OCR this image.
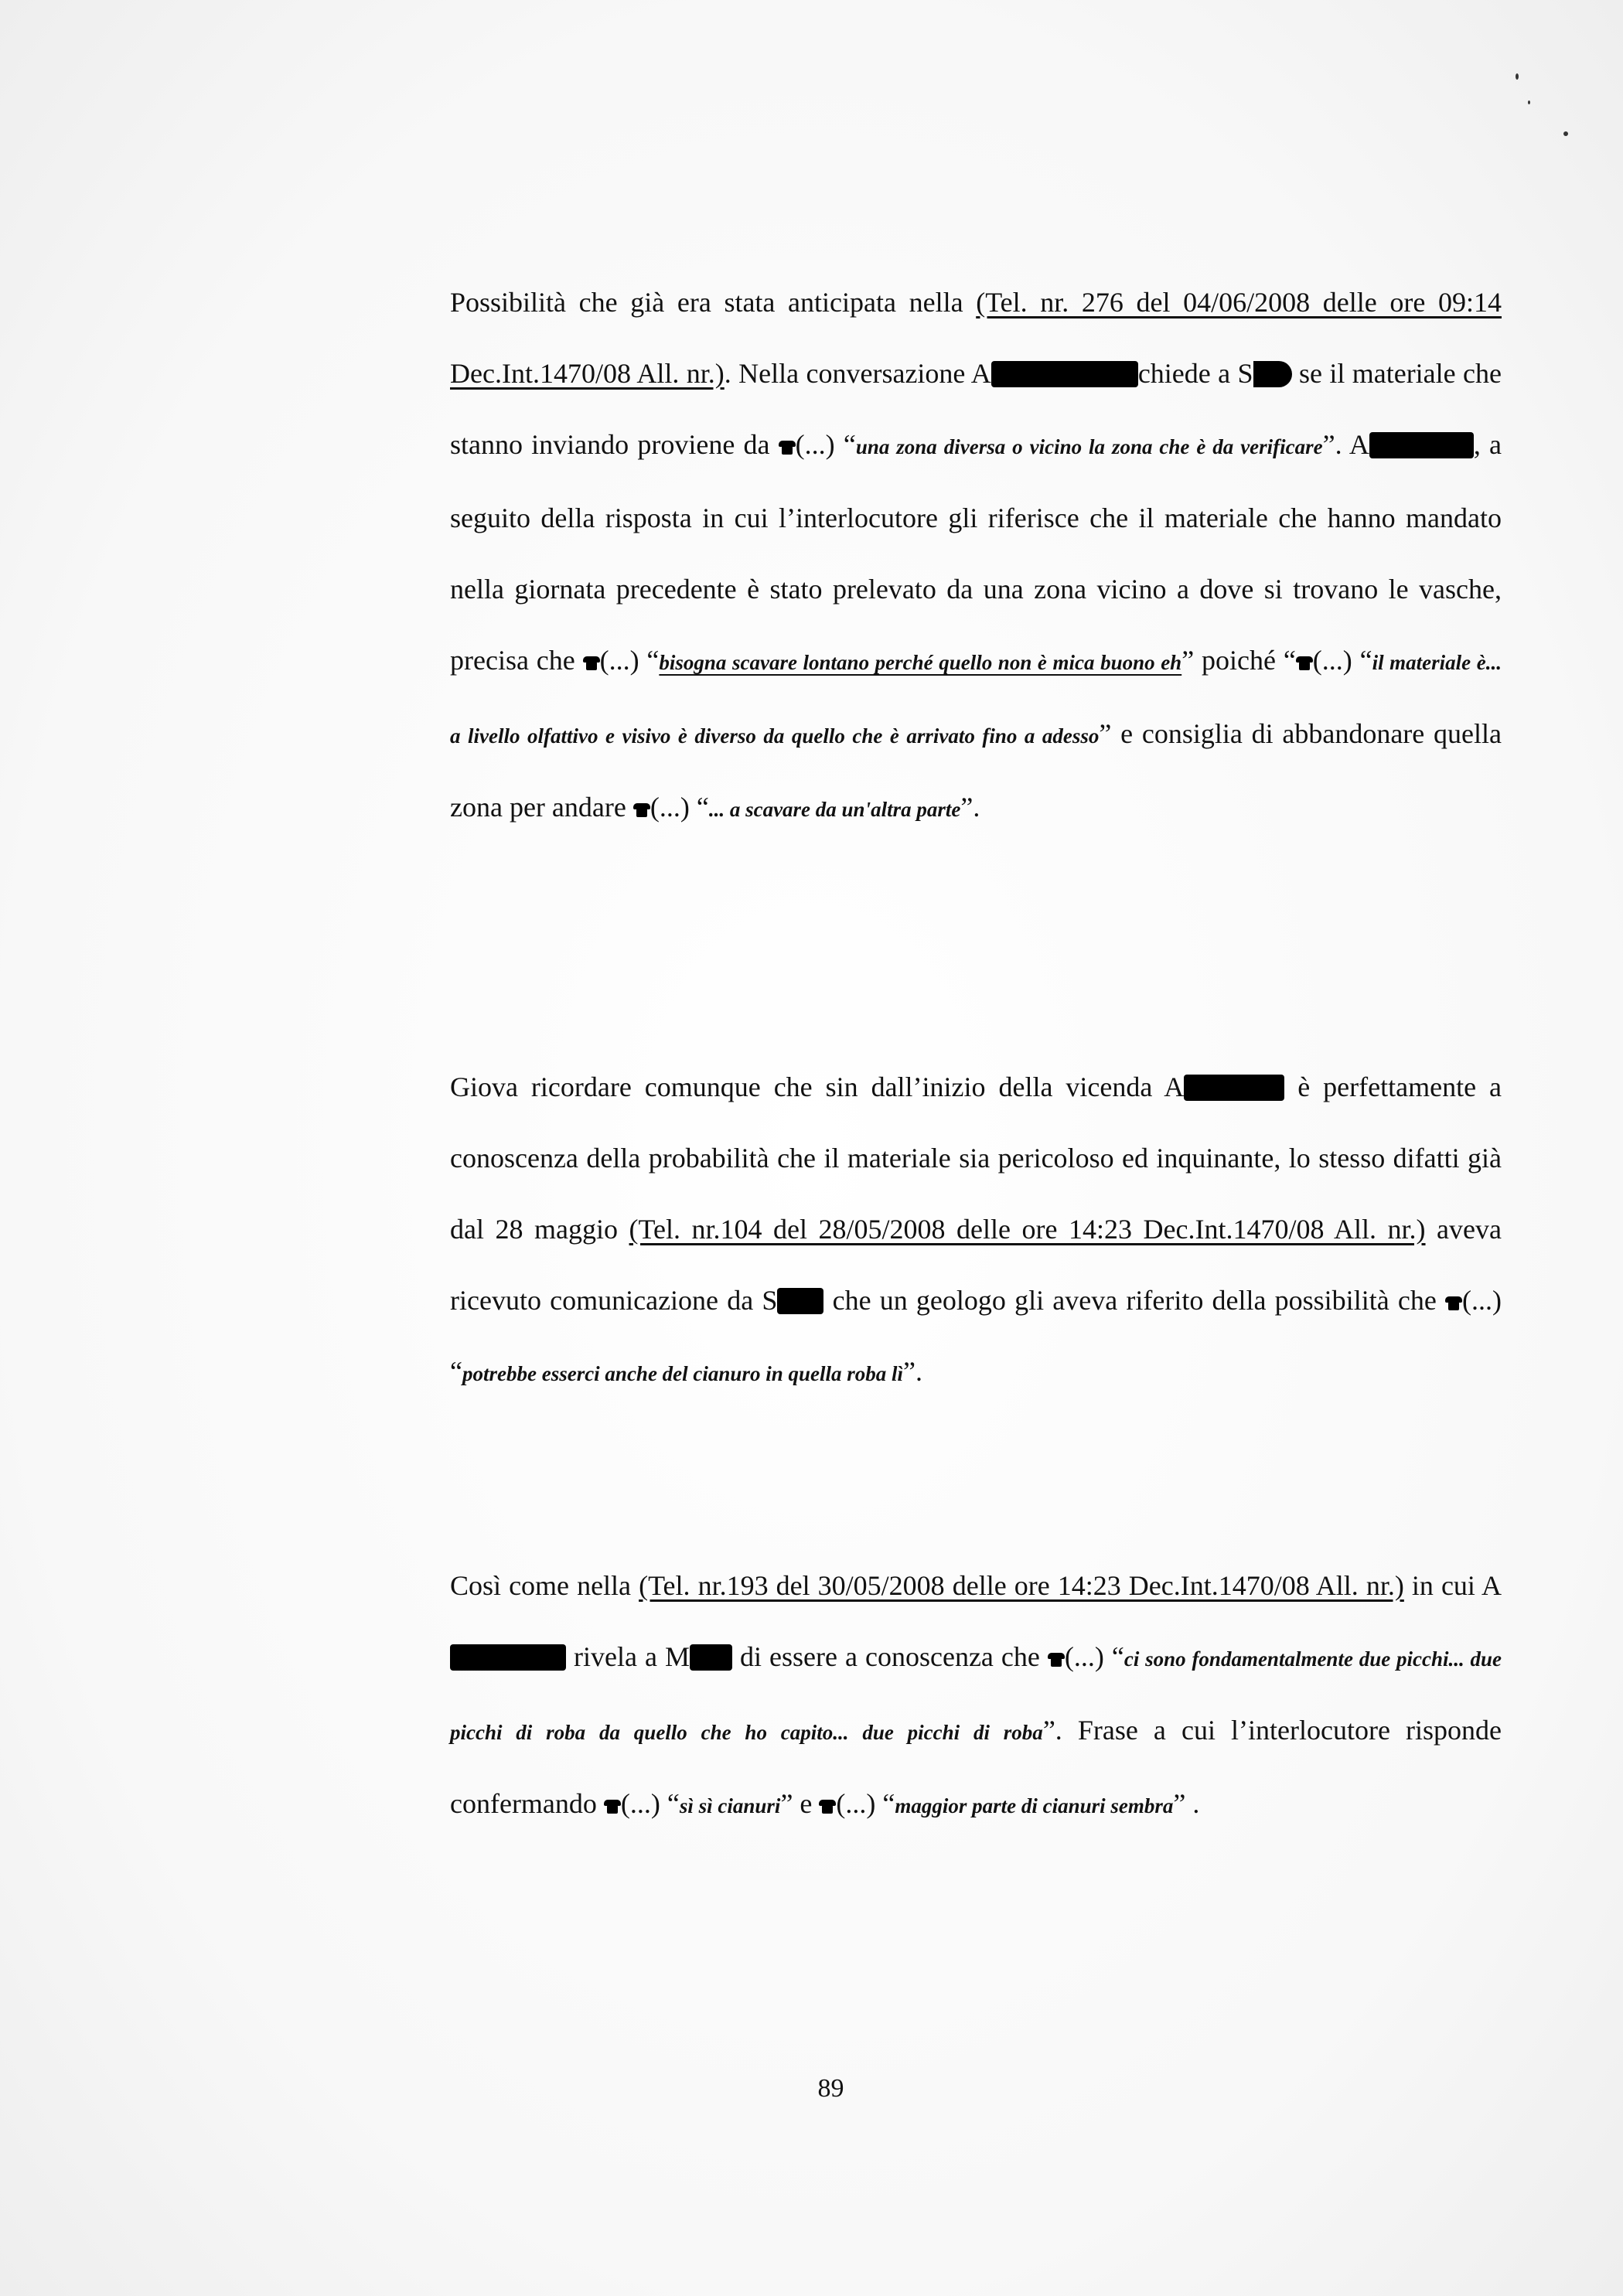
Possibilità che già era stata anticipata nella (Tel. nr. 276 del 04/06/2008 delle ore 09:14 Dec.Int.1470/08 All. nr.). Nella conversazione A	chiede a S se il materiale che stanno inviando proviene da (...) “una zona diversa o vicino la zona che è da verificare”. A	, a seguito della risposta in cui l’interlocutore gli riferisce che il materiale che hanno mandato nella giornata precedente è stato prelevato da una zona vicino a dove si trovano le vasche, precisa che (...) “bisogna scavare lontano perché quello non è mica buono eh” poiché “ (...) “il materiale è... a livello olfattivo e visivo è diverso da quello che è arrivato fino a adesso” e consiglia di abbandonare quella zona per andare (...) “... a scavare da un'altra parte”.
Giova ricordare comunque che sin dall’inizio della vicenda A	è perfettamente a conoscenza della probabilità che il materiale sia pericoloso ed inquinante, lo stesso difatti già dal 28 maggio (Tel. nr.104 del 28/05/2008 delle ore 14:23 Dec.Int.1470/08 All. nr.) aveva ricevuto comunicazione da S che un geologo gli aveva riferito della possibilità che (...) “potrebbe esserci anche del cianuro in quella roba lì”.
Così come nella (Tel. nr.193 del 30/05/2008 delle ore 14:23 Dec.Int.1470/08 All. nr.) in cui A rivela a M di essere a conoscenza che (...) “ci sono fondamentalmente due picchi... due picchi di roba da quello che ho capito... due picchi di roba”. Frase a cui l’interlocutore risponde confermando (...) “sì sì cianuri” e (...) “maggior parte di cianuri sembra” .
89
